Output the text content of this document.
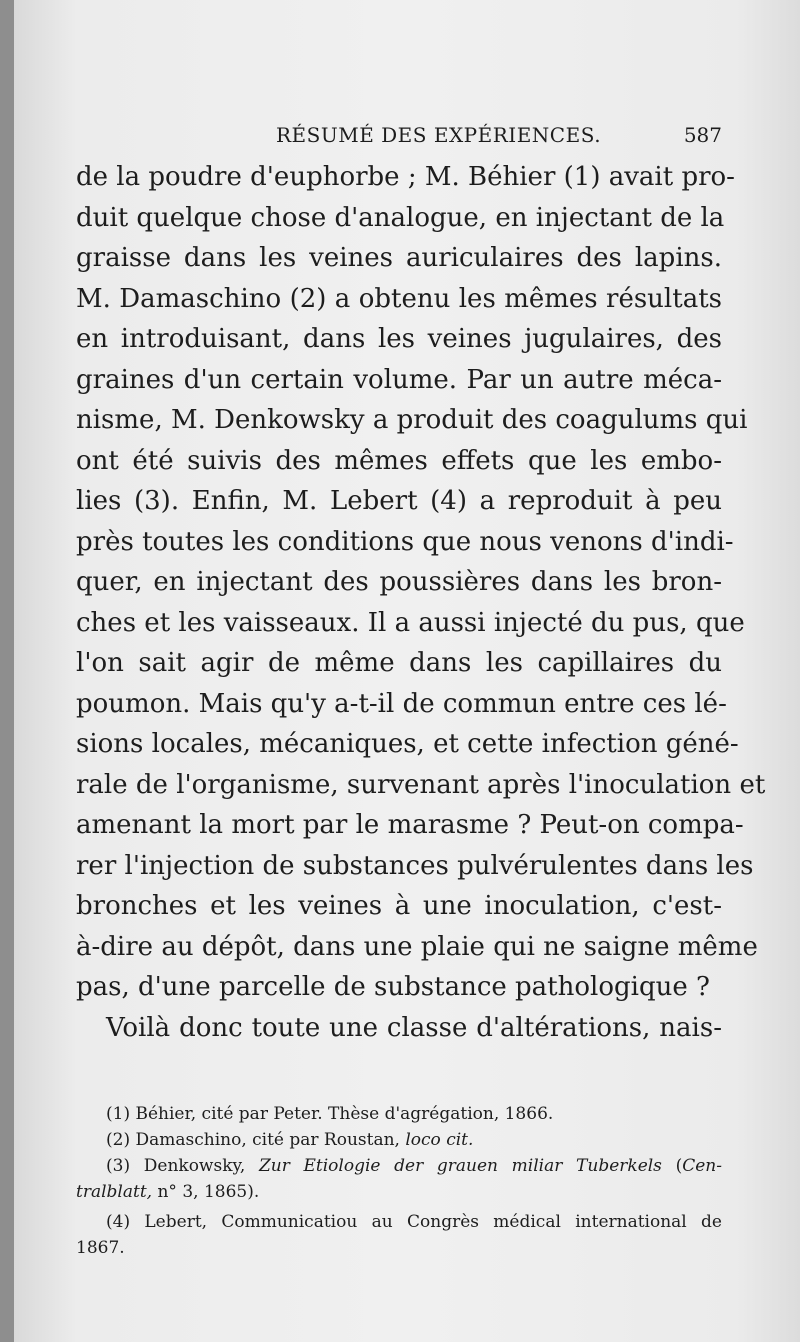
RÉSUMÉ DES EXPÉRIENCES.	587
de la poudre d'euphorbe ; M. Béhier (1) avait pro-
duit quelque chose d'analogue, en injectant de la
graisse dans les veines auriculaires des lapins.
M. Damaschino (2) a obtenu les mêmes résultats
en introduisant, dans les veines jugulaires, des
graines d'un certain volume. Par un autre méca-
nisme, M. Denkowsky a produit des coagulums qui
ont été suivis des mêmes effets que les embo-
lies (3). Enfin, M. Lebert (4) a reproduit à peu
près toutes les conditions que nous venons d'indi-
quer, en injectant des poussières dans les bron-
ches et les vaisseaux. Il a aussi injecté du pus, que
l'on sait agir de même dans les capillaires du
poumon. Mais qu'y a-t-il de commun entre ces lé-
sions locales, mécaniques, et cette infection géné-
rale de l'organisme, survenant après l'inoculation et
amenant la mort par le marasme ? Peut-on compa-
rer l'injection de substances pulvérulentes dans les
bronches et les veines à une inoculation, c'est-
à-dire au dépôt, dans une plaie qui ne saigne même
pas, d'une parcelle de substance pathologique ?
Voilà donc toute une classe d'altérations, nais-
(1) Béhier, cité par Peter. Thèse d'agrégation, 1866.
(2) Damaschino, cité par Roustan, loco cit.
(3) Denkowsky, Zur Etiologie der grauen miliar Tuberkels (Cen-
tralblatt, n° 3, 1865).
(4) Lebert, Communicatiou au Congrès médical international de
1867.
